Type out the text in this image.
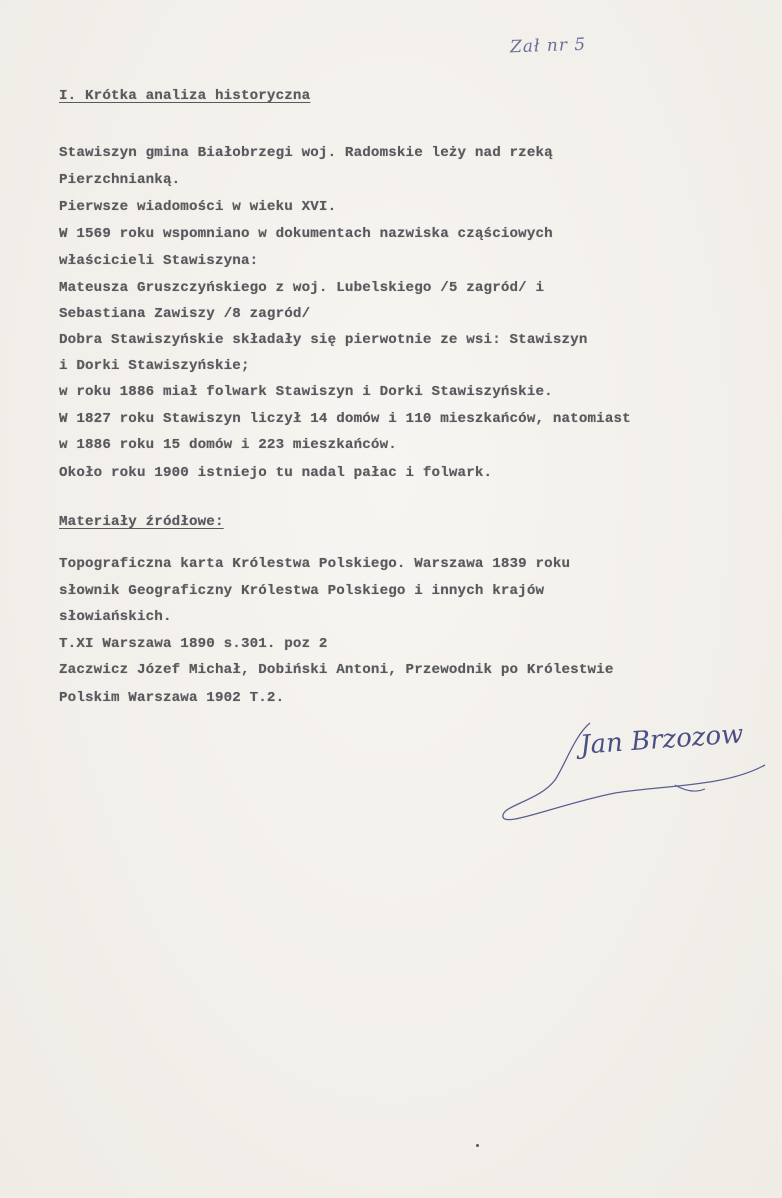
Zał nr 5
I. Krótka analiza historyczna
Stawiszyn gmina Białobrzegi woj. Radomskie leży nad rzeką
Pierzchnianką.
Pierwsze wiadomości w wieku XVI.
W 1569 roku wspomniano w dokumentach nazwiska cząściowych
właścicieli Stawiszyna:
Mateusza Gruszczyńskiego z woj. Lubelskiego /5 zagród/ i
Sebastiana Zawiszy /8 zagród/
Dobra Stawiszyńskie składały się pierwotnie ze wsi: Stawiszyn
i Dorki Stawiszyńskie;
w roku 1886 miał folwark Stawiszyn i Dorki Stawiszyńskie.
W 1827 roku Stawiszyn liczył 14 domów i 110 mieszkańców, natomiast
w 1886 roku 15 domów i 223 mieszkańców.
Około roku 1900 istniejo tu nadal pałac i folwark.
Materiały źródłowe:
Topograficzna karta Królestwa Polskiego. Warszawa 1839 roku
słownik Geograficzny Królestwa Polskiego i innych krajów
słowiańskich.
T.XI Warszawa 1890 s.301. poz 2
Zaczwicz Józef Michał, Dobiński Antoni, Przewodnik po Królestwie
Polskim Warszawa 1902 T.2.
Jan Brzozow
